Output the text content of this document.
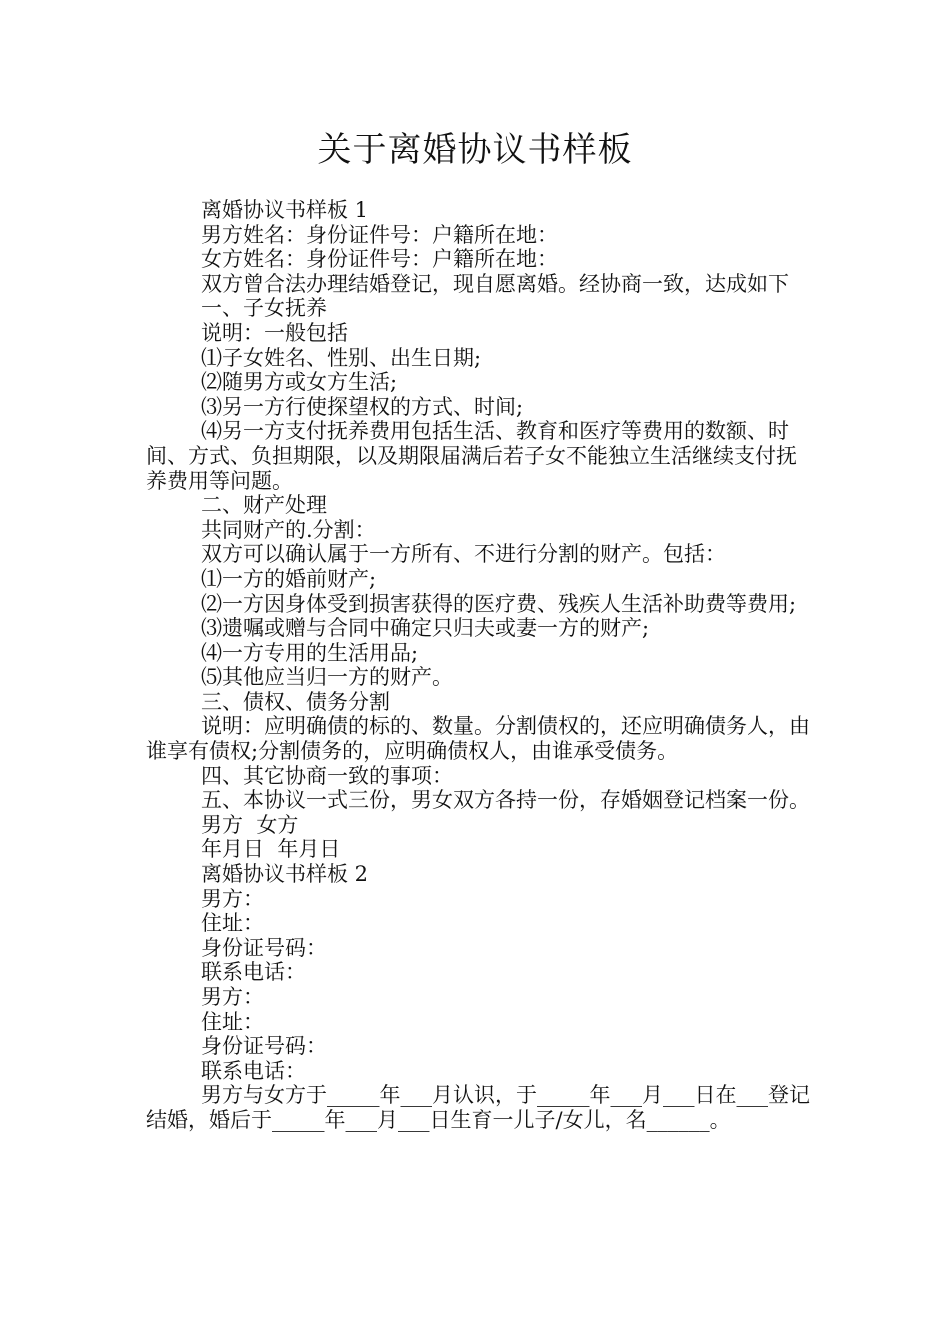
关于离婚协议书样板

离婚协议书样板 1

男方姓名：身份证件号：户籍所在地：

女方姓名：身份证件号：户籍所在地：

双方曾合法办理结婚登记，现自愿离婚。经协商一致，达成如下

一、子女抚养

说明：一般包括

⑴子女姓名、性别、出生日期;

⑵随男方或女方生活;

⑶另一方行使探望权的方式、时间;

⑷另一方支付抚养费用包括生活、教育和医疗等费用的数额、时间、方式、负担期限，以及期限届满后若子女不能独立生活继续支付抚养费用等问题。

二、财产处理

共同财产的.分割：

双方可以确认属于一方所有、不进行分割的财产。包括：

⑴一方的婚前财产;

⑵一方因身体受到损害获得的医疗费、残疾人生活补助费等费用;

⑶遗嘱或赠与合同中确定只归夫或妻一方的财产;

⑷一方专用的生活用品;

⑸其他应当归一方的财产。

三、债权、债务分割

说明：应明确债的标的、数量。分割债权的，还应明确债务人，由谁享有债权;分割债务的，应明确债权人，由谁承受债务。

四、其它协商一致的事项：

五、本协议一式三份，男女双方各持一份，存婚姻登记档案一份。

男方  女方

年月日  年月日

离婚协议书样板 2

男方：

住址：

身份证号码：

联系电话：

男方：

住址：

身份证号码：

联系电话：

男方与女方于_____年___月认识，于_____年___月___日在___登记结婚，婚后于_____年___月___日生育一儿子/女儿，名______。
